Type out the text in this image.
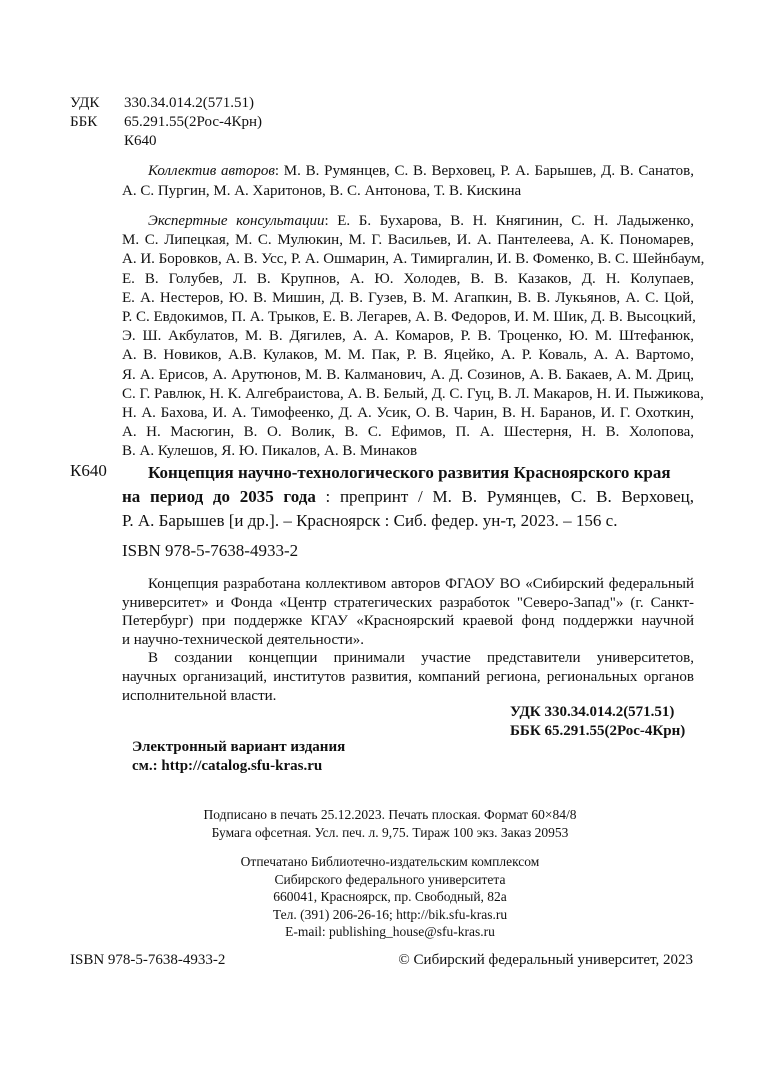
УДК 330.34.014.2(571.51)
ББК 65.291.55(2Рос-4Крн)
К640
Коллектив авторов: М. В. Румянцев, С. В. Верховец, Р. А. Барышев, Д. В. Санатов,
А. С. Пургин, М. А. Харитонов, В. С. Антонова, Т. В. Кискина
Экспертные консультации: Е. Б. Бухарова, В. Н. Княгинин, С. Н. Ладыженко,
М. С. Липецкая, М. С. Мулюкин, М. Г. Васильев, И. А. Пантелеева, А. К. Пономарев,
А. И. Боровков, А. В. Усс, Р. А. Ошмарин, А. Тимиргалин, И. В. Фоменко, В. С. Шейнбаум,
Е. В. Голубев, Л. В. Крупнов, А. Ю. Холодев, В. В. Казаков, Д. Н. Колупаев,
Е. А. Нестеров, Ю. В. Мишин, Д. В. Гузев, В. М. Агапкин, В. В. Лукьянов, А. С. Цой,
Р. С. Евдокимов, П. А. Трыков, Е. В. Легарев, А. В. Федоров, И. М. Шик, Д. В. Высоцкий,
Э. Ш. Акбулатов, М. В. Дягилев, А. А. Комаров, Р. В. Троценко, Ю. М. Штефанюк,
А. В. Новиков, А.В. Кулаков, М. М. Пак, Р. В. Яцейко, А. Р. Коваль, А. А. Вартомо,
Я. А. Ерисов, А. Арутюнов, М. В. Калманович, А. Д. Созинов, А. В. Бакаев, А. М. Дриц,
С. Г. Равлюк, Н. К. Алгебраистова, А. В. Белый, Д. С. Гуц, В. Л. Макаров, Н. И. Пыжикова,
Н. А. Бахова, И. А. Тимофеенко, Д. А. Усик, О. В. Чарин, В. Н. Баранов, И. Г. Охоткин,
А. Н. Масюгин, В. О. Волик, В. С. Ефимов, П. А. Шестерня, Н. В. Холопова,
В. А. Кулешов, Я. Ю. Пикалов, А. В. Минаков
К640	Концепция научно-технологического развития Красноярского края
на период до 2035 года : препринт / М. В. Румянцев, С. В. Верховец,
Р. А. Барышев [и др.]. – Красноярск : Сиб. федер. ун-т, 2023. – 156 с.
ISBN 978-5-7638-4933-2
Концепция разработана коллективом авторов ФГАОУ ВО «Сибирский федеральный
университет» и Фонда «Центр стратегических разработок "Северо-Запад"» (г. Санкт-
Петербург) при поддержке КГАУ «Красноярский краевой фонд поддержки научной
и научно-технической деятельности».
В создании концепции принимали участие представители университетов,
научных организаций, институтов развития, компаний региона, региональных органов
исполнительной власти.
УДК 330.34.014.2(571.51)
ББК 65.291.55(2Рос-4Крн)
Электронный вариант издания
см.: http://catalog.sfu-kras.ru
Подписано в печать 25.12.2023. Печать плоская. Формат 60×84/8
Бумага офсетная. Усл. печ. л. 9,75. Тираж 100 экз. Заказ 20953
Отпечатано Библиотечно-издательским комплексом
Сибирского федерального университета
660041, Красноярск, пр. Свободный, 82а
Тел. (391) 206-26-16; http://bik.sfu-kras.ru
E-mail: publishing_house@sfu-kras.ru
ISBN 978-5-7638-4933-2	© Сибирский федеральный университет, 2023
